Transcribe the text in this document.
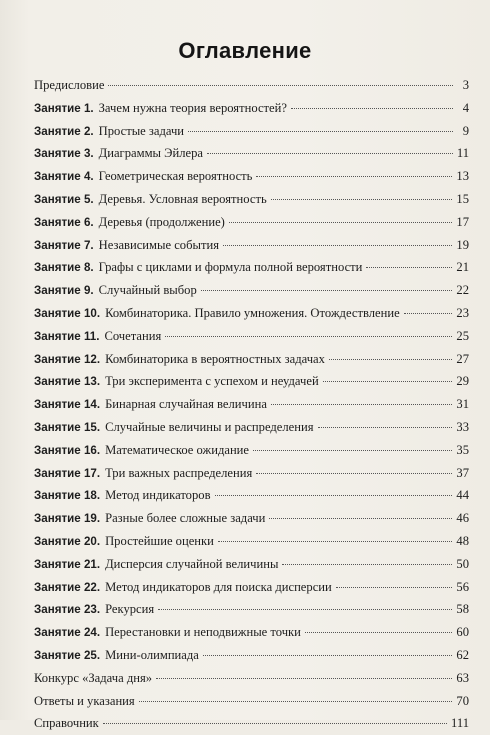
Оглавление
Предисловие	3
Занятие 1. Зачем нужна теория вероятностей?	4
Занятие 2. Простые задачи	9
Занятие 3. Диаграммы Эйлера	11
Занятие 4. Геометрическая вероятность	13
Занятие 5. Деревья. Условная вероятность	15
Занятие 6. Деревья (продолжение)	17
Занятие 7. Независимые события	19
Занятие 8. Графы с циклами и формула полной вероятности	21
Занятие 9. Случайный выбор	22
Занятие 10. Комбинаторика. Правило умножения. Отождествление	23
Занятие 11. Сочетания	25
Занятие 12. Комбинаторика в вероятностных задачах	27
Занятие 13. Три эксперимента с успехом и неудачей	29
Занятие 14. Бинарная случайная величина	31
Занятие 15. Случайные величины и распределения	33
Занятие 16. Математическое ожидание	35
Занятие 17. Три важных распределения	37
Занятие 18. Метод индикаторов	44
Занятие 19. Разные более сложные задачи	46
Занятие 20. Простейшие оценки	48
Занятие 21. Дисперсия случайной величины	50
Занятие 22. Метод индикаторов для поиска дисперсии	56
Занятие 23. Рекурсия	58
Занятие 24. Перестановки и неподвижные точки	60
Занятие 25. Мини-олимпиада	62
Конкурс «Задача дня»	63
Ответы и указания	70
Справочник	111
